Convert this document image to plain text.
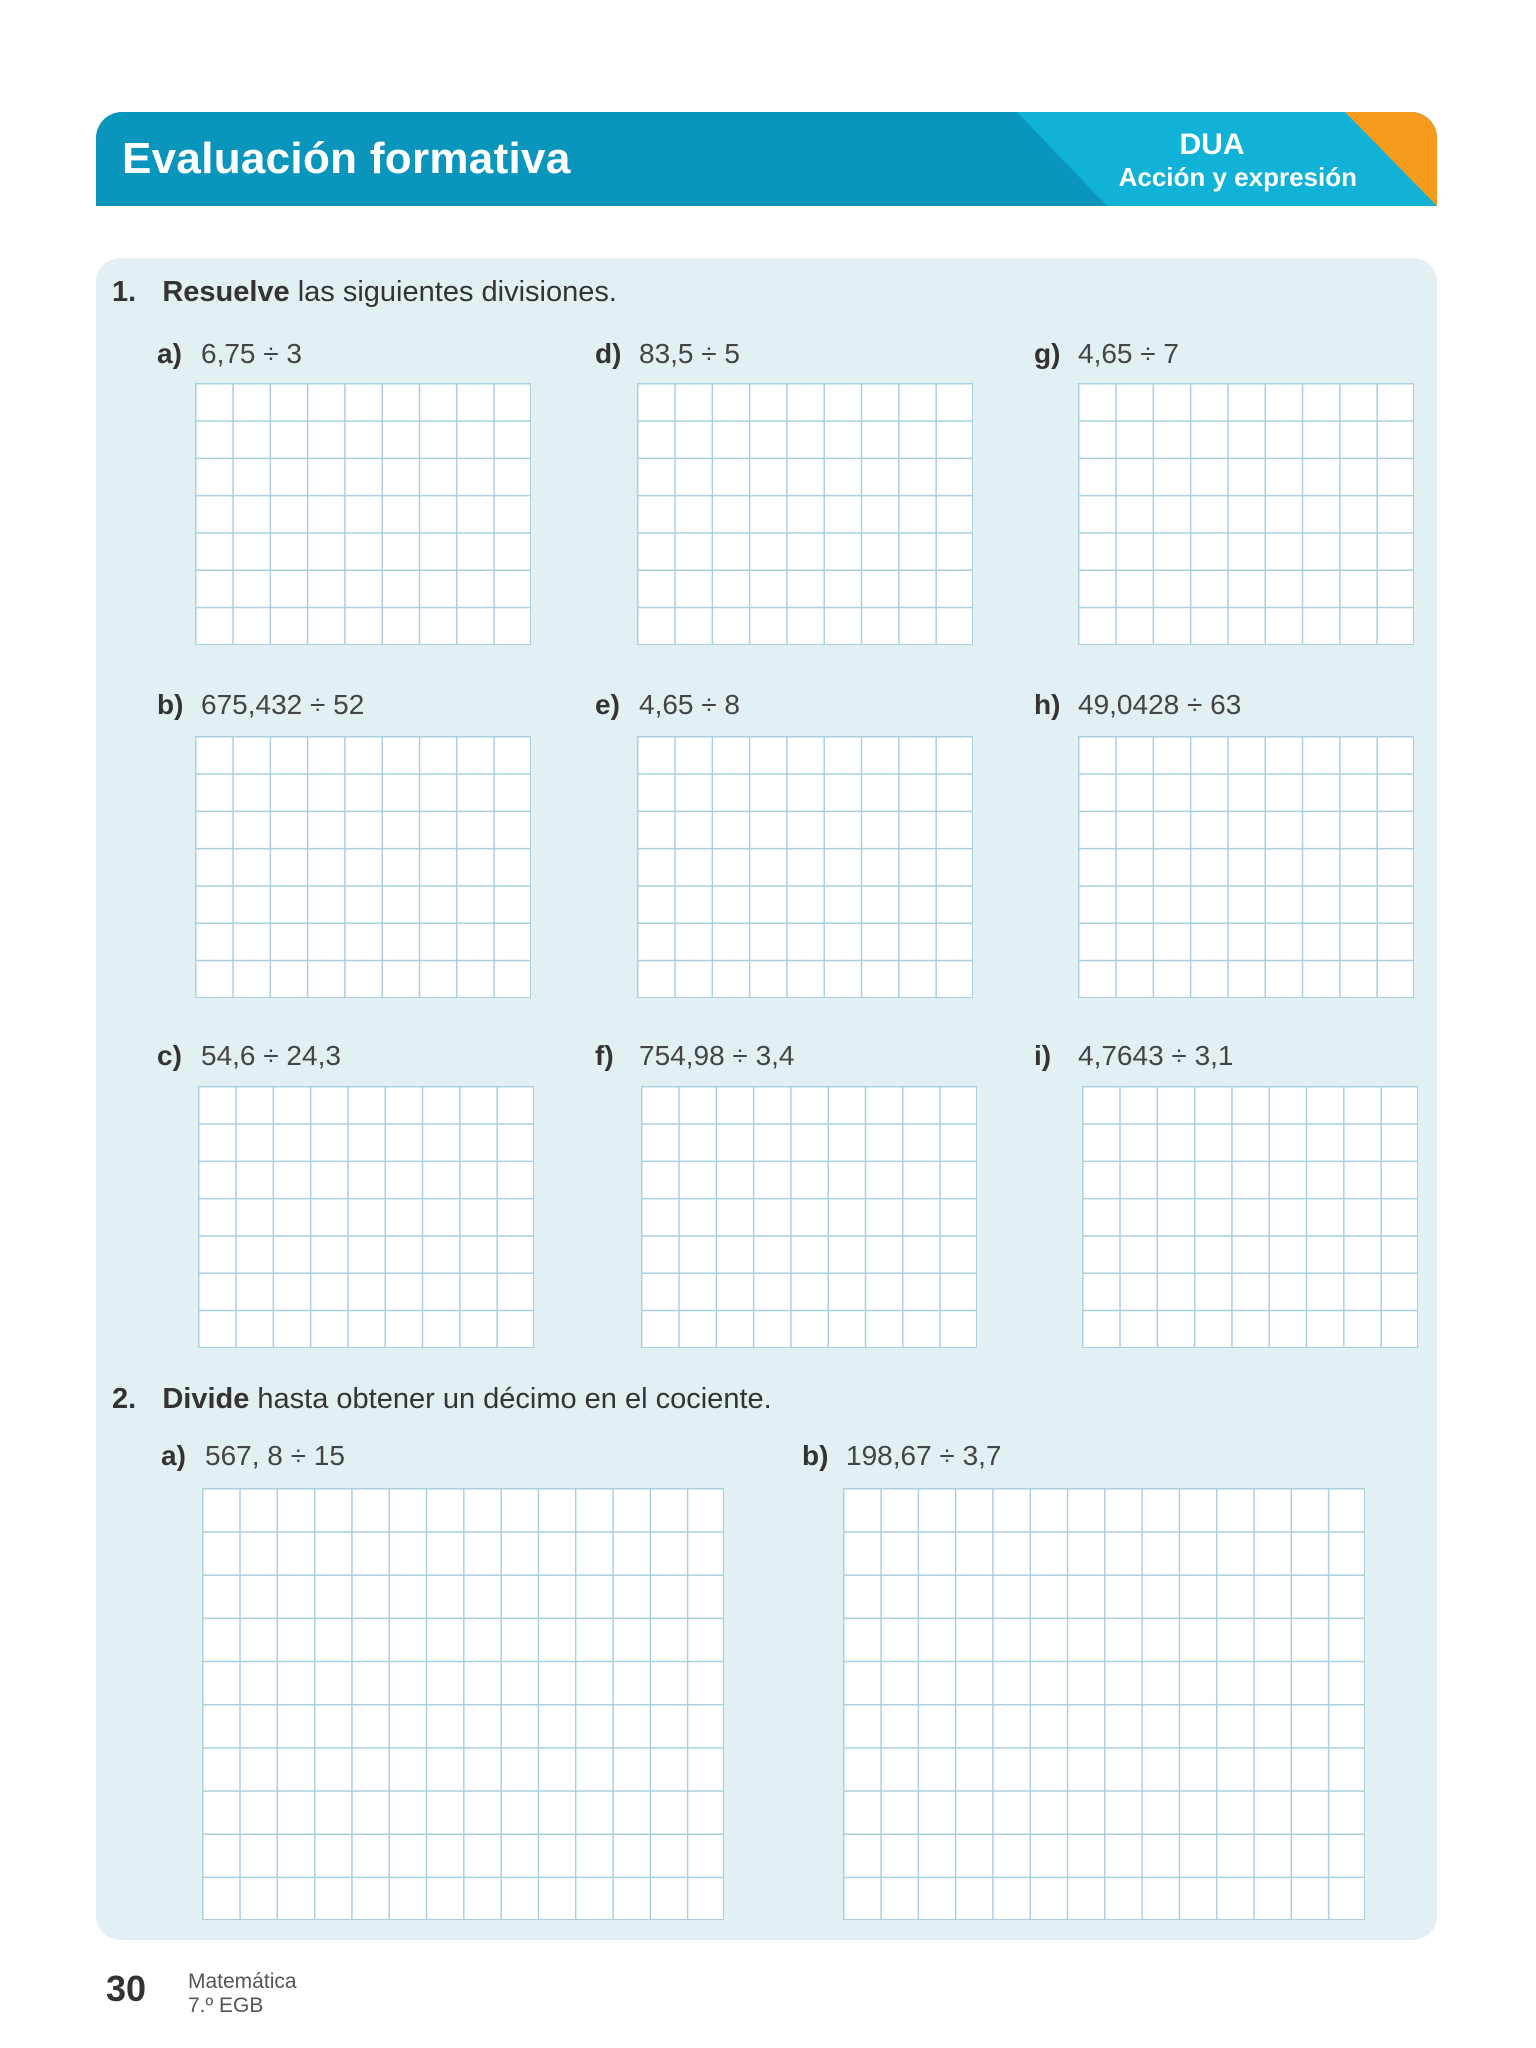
Evaluación formativa	DUA
Acción y expresión
1. Resuelve las siguientes divisiones.
a) 6,75 ÷ 3	d) 83,5 ÷ 5	g) 4,65 ÷ 7
b) 675,432 ÷ 52	e) 4,65 ÷ 8	h) 49,0428 ÷ 63
c) 54,6 ÷ 24,3	f) 754,98 ÷ 3,4	i) 4,7643 ÷ 3,1
2. Divide hasta obtener un décimo en el cociente.
a) 567, 8 ÷ 15	b) 198,67 ÷ 3,7
30 Matemática
7.º EGB
